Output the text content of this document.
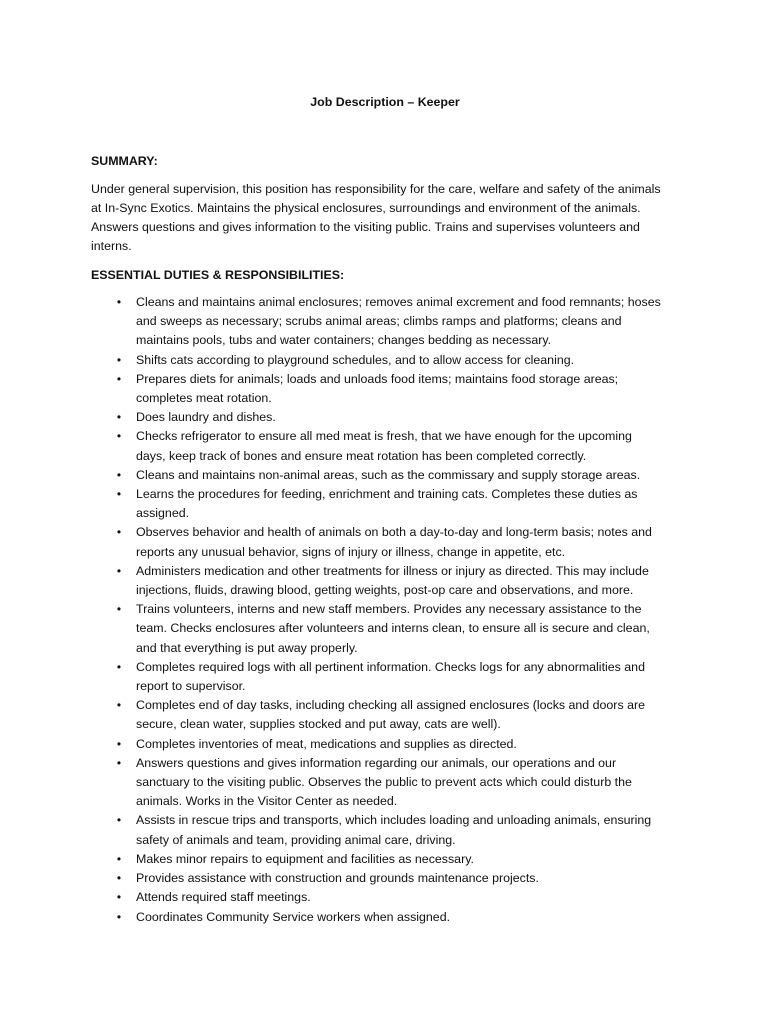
Job Description – Keeper
SUMMARY:
Under general supervision, this position has responsibility for the care, welfare and safety of the animals
at In-Sync Exotics. Maintains the physical enclosures, surroundings and environment of the animals.
Answers questions and gives information to the visiting public. Trains and supervises volunteers and
interns.
ESSENTIAL DUTIES & RESPONSIBILITIES:
• Cleans and maintains animal enclosures; removes animal excrement and food remnants; hoses
and sweeps as necessary; scrubs animal areas; climbs ramps and platforms; cleans and
maintains pools, tubs and water containers; changes bedding as necessary.
• Shifts cats according to playground schedules, and to allow access for cleaning.
• Prepares diets for animals; loads and unloads food items; maintains food storage areas;
completes meat rotation.
• Does laundry and dishes.
• Checks refrigerator to ensure all med meat is fresh, that we have enough for the upcoming
days, keep track of bones and ensure meat rotation has been completed correctly.
• Cleans and maintains non-animal areas, such as the commissary and supply storage areas.
• Learns the procedures for feeding, enrichment and training cats. Completes these duties as
assigned.
• Observes behavior and health of animals on both a day-to-day and long-term basis; notes and
reports any unusual behavior, signs of injury or illness, change in appetite, etc.
• Administers medication and other treatments for illness or injury as directed. This may include
injections, fluids, drawing blood, getting weights, post-op care and observations, and more.
• Trains volunteers, interns and new staff members. Provides any necessary assistance to the
team. Checks enclosures after volunteers and interns clean, to ensure all is secure and clean,
and that everything is put away properly.
• Completes required logs with all pertinent information. Checks logs for any abnormalities and
report to supervisor.
• Completes end of day tasks, including checking all assigned enclosures (locks and doors are
secure, clean water, supplies stocked and put away, cats are well).
• Completes inventories of meat, medications and supplies as directed.
• Answers questions and gives information regarding our animals, our operations and our
sanctuary to the visiting public. Observes the public to prevent acts which could disturb the
animals. Works in the Visitor Center as needed.
• Assists in rescue trips and transports, which includes loading and unloading animals, ensuring
safety of animals and team, providing animal care, driving.
• Makes minor repairs to equipment and facilities as necessary.
• Provides assistance with construction and grounds maintenance projects.
• Attends required staff meetings.
• Coordinates Community Service workers when assigned.
